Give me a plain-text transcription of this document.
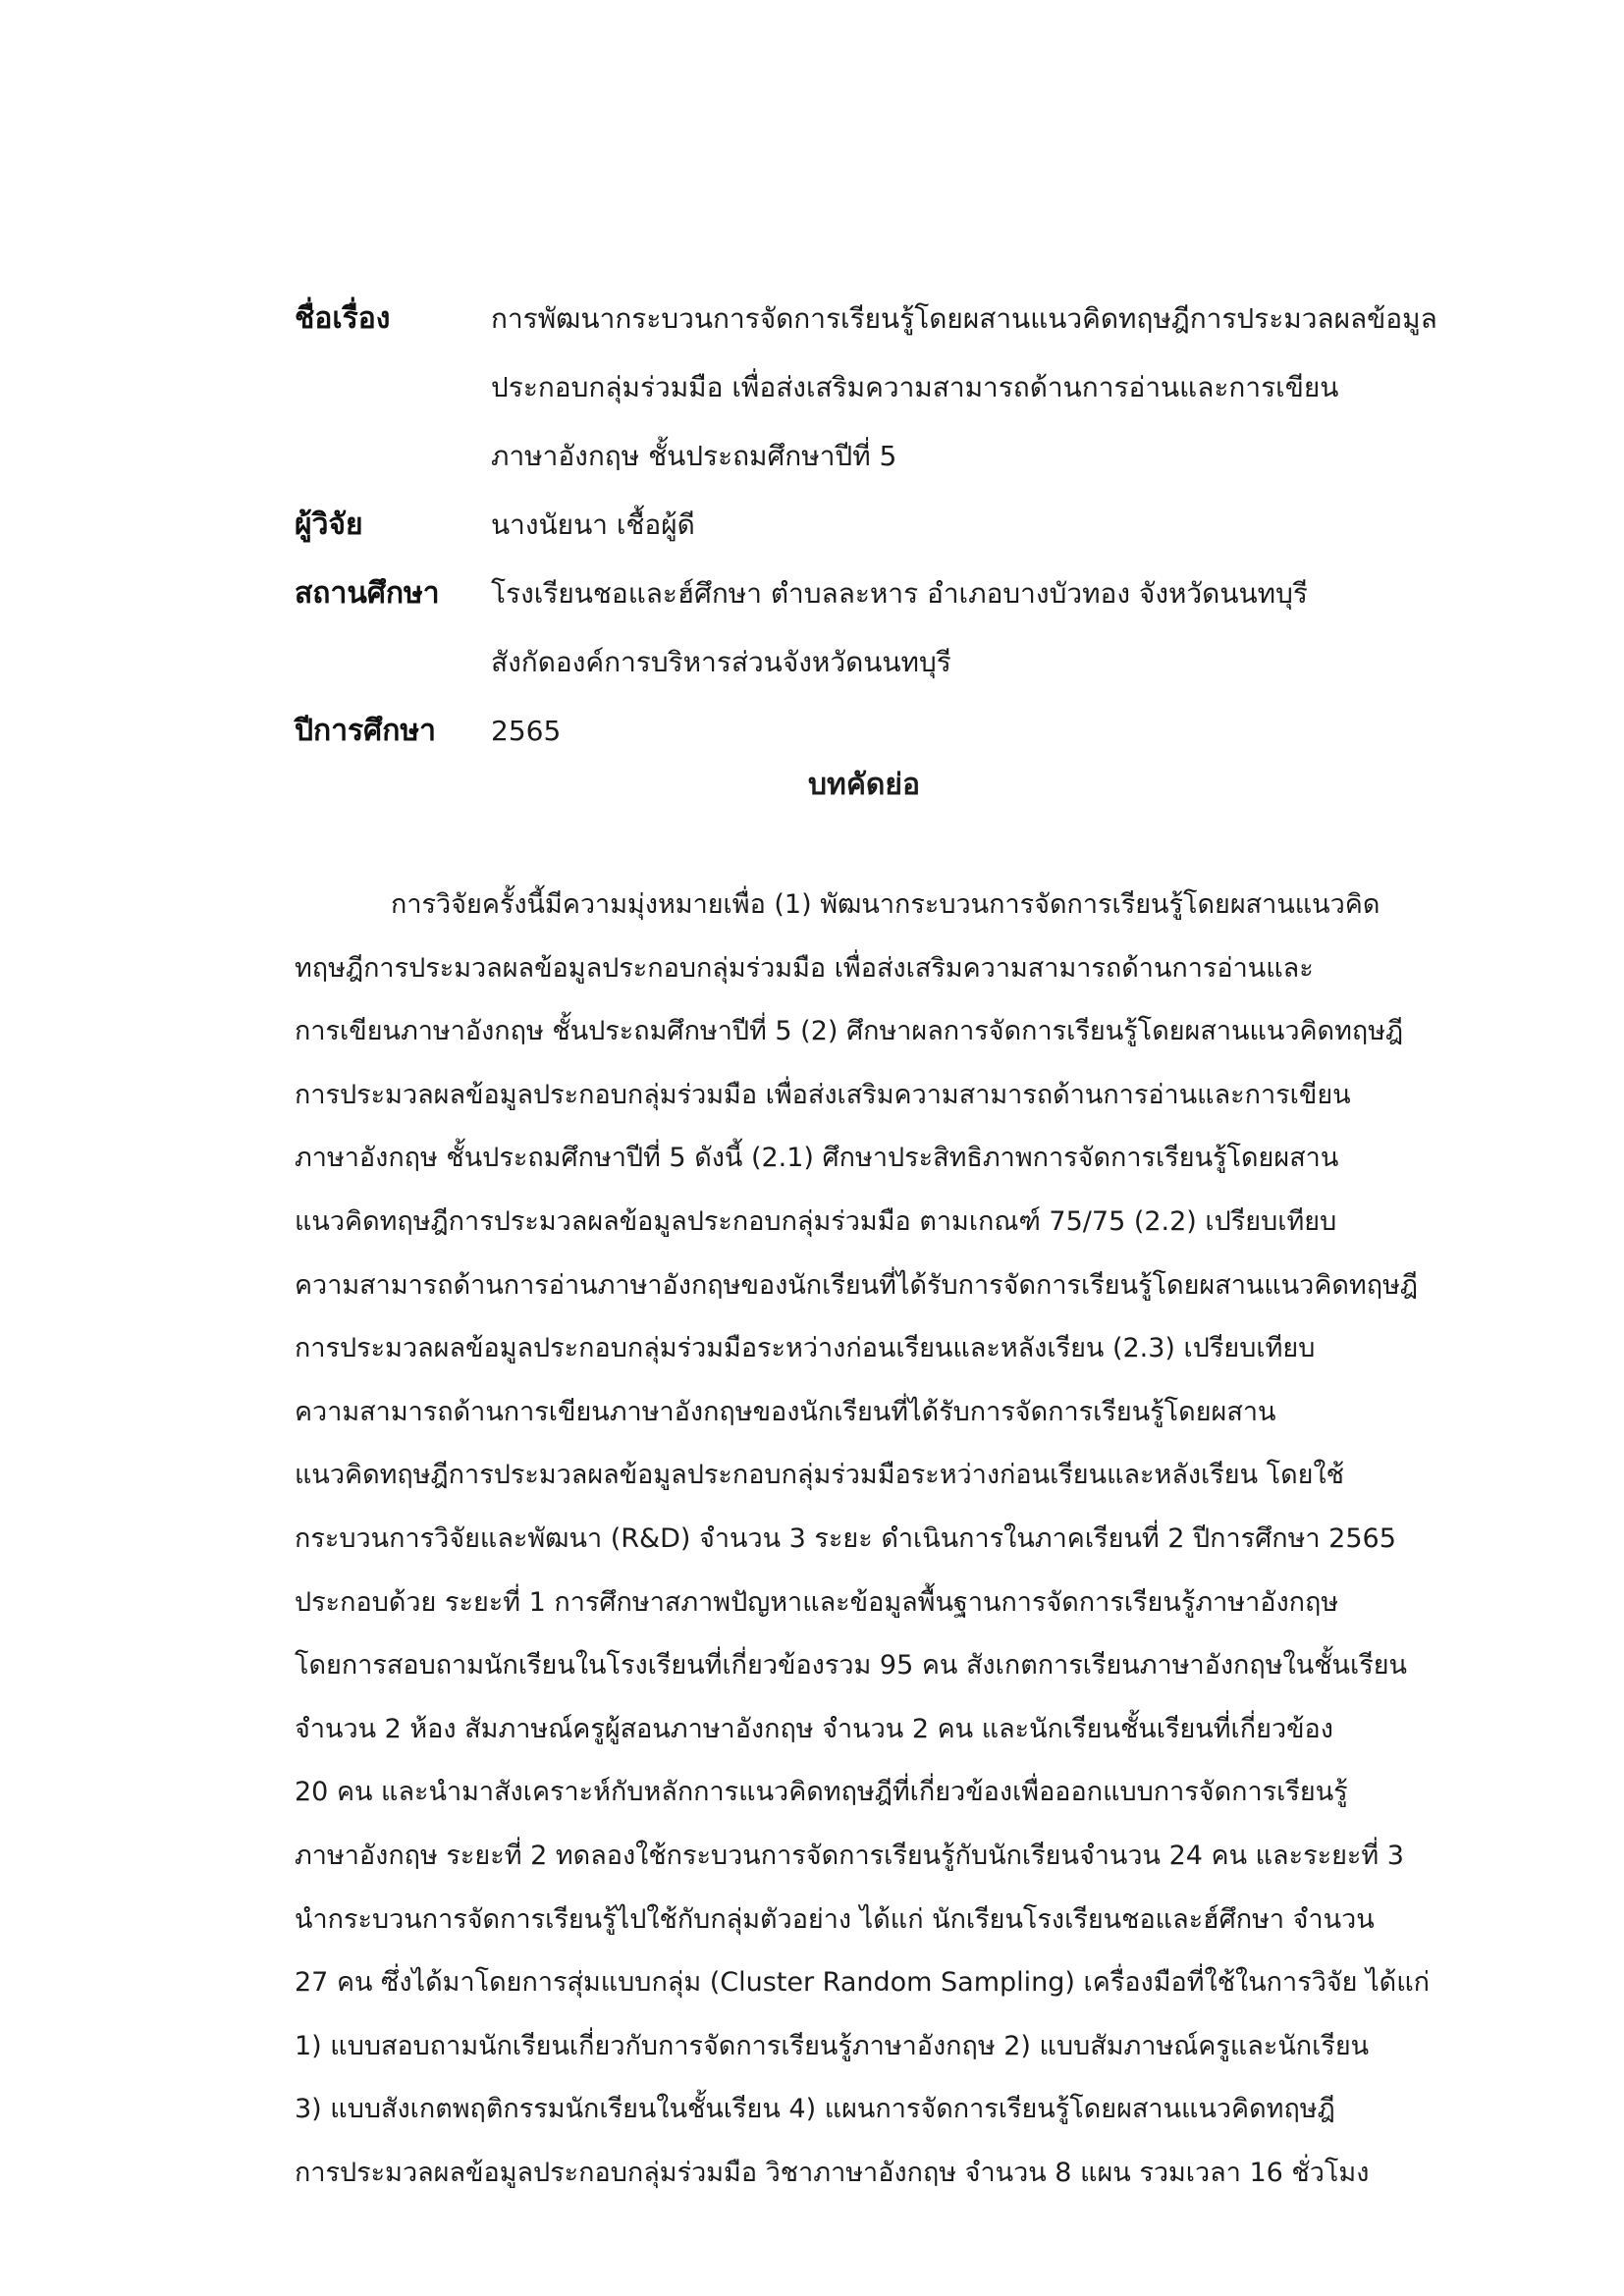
ชื่อเรื่อง	การพัฒนากระบวนการจัดการเรียนรู้โดยผสานแนวคิดทฤษฎีการประมวลผลข้อมูล
ประกอบกลุ่มร่วมมือ เพื่อส่งเสริมความสามารถด้านการอ่านและการเขียน
ภาษาอังกฤษ ชั้นประถมศึกษาปีที่ 5
ผู้วิจัย	นางนัยนา เชื้อผู้ดี
สถานศึกษา	โรงเรียนชอและฮ์ศึกษา ตำบลละหาร อำเภอบางบัวทอง จังหวัดนนทบุรี
สังกัดองค์การบริหารส่วนจังหวัดนนทบุรี
ปีการศึกษา	2565
บทคัดย่อ
การวิจัยครั้งนี้มีความมุ่งหมายเพื่อ (1) พัฒนากระบวนการจัดการเรียนรู้โดยผสานแนวคิด
ทฤษฎีการประมวลผลข้อมูลประกอบกลุ่มร่วมมือ เพื่อส่งเสริมความสามารถด้านการอ่านและ
การเขียนภาษาอังกฤษ ชั้นประถมศึกษาปีที่ 5 (2) ศึกษาผลการจัดการเรียนรู้โดยผสานแนวคิดทฤษฎี
การประมวลผลข้อมูลประกอบกลุ่มร่วมมือ เพื่อส่งเสริมความสามารถด้านการอ่านและการเขียน
ภาษาอังกฤษ ชั้นประถมศึกษาปีที่ 5 ดังนี้ (2.1) ศึกษาประสิทธิภาพการจัดการเรียนรู้โดยผสาน
แนวคิดทฤษฎีการประมวลผลข้อมูลประกอบกลุ่มร่วมมือ ตามเกณฑ์ 75/75 (2.2) เปรียบเทียบ
ความสามารถด้านการอ่านภาษาอังกฤษของนักเรียนที่ได้รับการจัดการเรียนรู้โดยผสานแนวคิดทฤษฎี
การประมวลผลข้อมูลประกอบกลุ่มร่วมมือระหว่างก่อนเรียนและหลังเรียน (2.3) เปรียบเทียบ
ความสามารถด้านการเขียนภาษาอังกฤษของนักเรียนที่ได้รับการจัดการเรียนรู้โดยผสาน
แนวคิดทฤษฎีการประมวลผลข้อมูลประกอบกลุ่มร่วมมือระหว่างก่อนเรียนและหลังเรียน โดยใช้
กระบวนการวิจัยและพัฒนา (R&D) จำนวน 3 ระยะ ดำเนินการในภาคเรียนที่ 2 ปีการศึกษา 2565
ประกอบด้วย ระยะที่ 1 การศึกษาสภาพปัญหาและข้อมูลพื้นฐานการจัดการเรียนรู้ภาษาอังกฤษ
โดยการสอบถามนักเรียนในโรงเรียนที่เกี่ยวข้องรวม 95 คน สังเกตการเรียนภาษาอังกฤษในชั้นเรียน
จำนวน 2 ห้อง สัมภาษณ์ครูผู้สอนภาษาอังกฤษ จำนวน 2 คน และนักเรียนชั้นเรียนที่เกี่ยวข้อง
20 คน และนำมาสังเคราะห์กับหลักการแนวคิดทฤษฎีที่เกี่ยวข้องเพื่อออกแบบการจัดการเรียนรู้
ภาษาอังกฤษ ระยะที่ 2 ทดลองใช้กระบวนการจัดการเรียนรู้กับนักเรียนจำนวน 24 คน และระยะที่ 3
นำกระบวนการจัดการเรียนรู้ไปใช้กับกลุ่มตัวอย่าง ได้แก่ นักเรียนโรงเรียนชอและฮ์ศึกษา จำนวน
27 คน ซึ่งได้มาโดยการสุ่มแบบกลุ่ม (Cluster Random Sampling) เครื่องมือที่ใช้ในการวิจัย ได้แก่
1) แบบสอบถามนักเรียนเกี่ยวกับการจัดการเรียนรู้ภาษาอังกฤษ 2) แบบสัมภาษณ์ครูและนักเรียน
3) แบบสังเกตพฤติกรรมนักเรียนในชั้นเรียน 4) แผนการจัดการเรียนรู้โดยผสานแนวคิดทฤษฎี
การประมวลผลข้อมูลประกอบกลุ่มร่วมมือ วิชาภาษาอังกฤษ จำนวน 8 แผน รวมเวลา 16 ชั่วโมง
